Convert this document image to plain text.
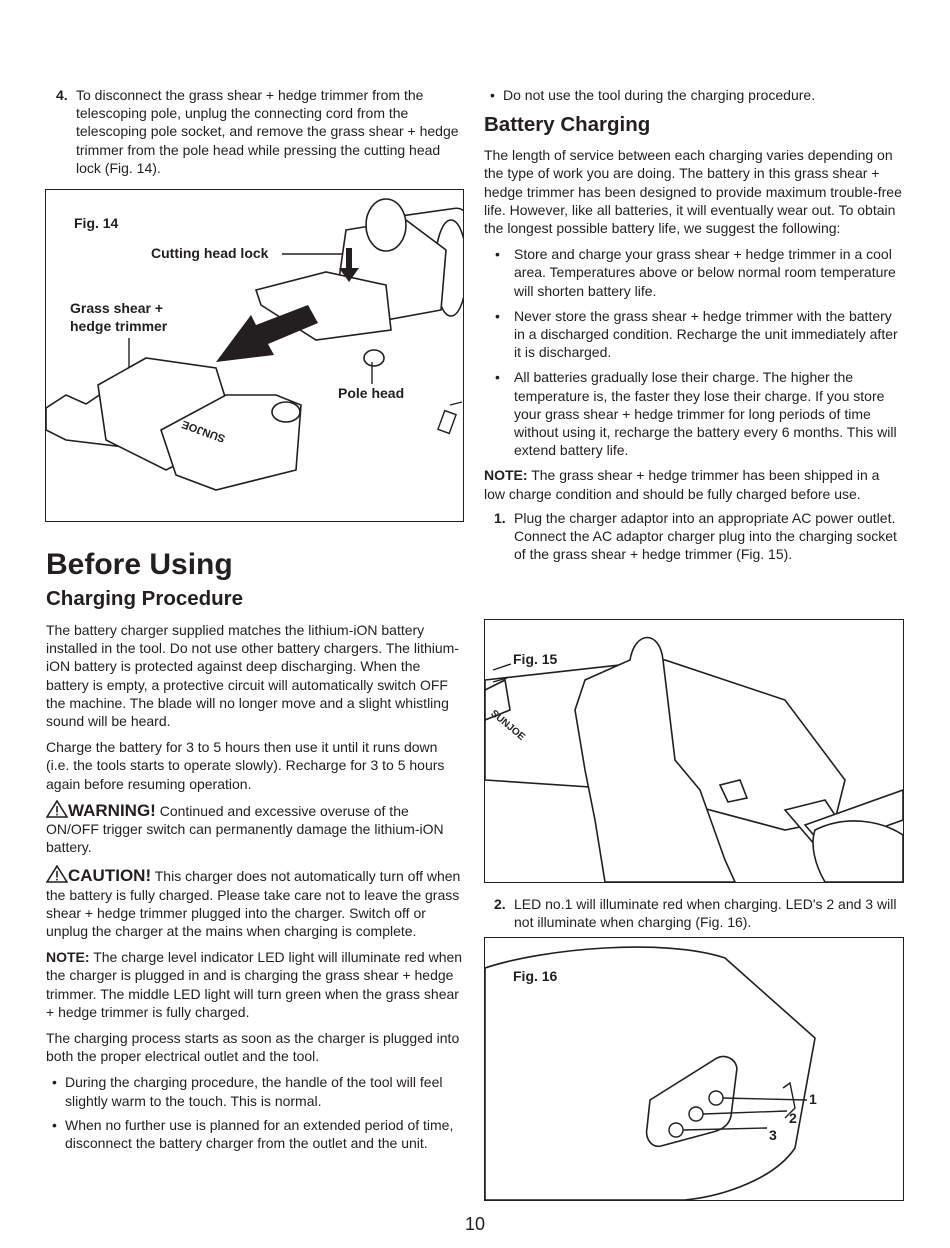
4. To disconnect the grass shear + hedge trimmer from the telescoping pole, unplug the connecting cord from the telescoping pole socket, and remove the grass shear + hedge trimmer from the pole head while pressing the cutting head lock (Fig. 14).
Fig. 14
Cutting head lock
Grass shear +
hedge trimmer
Pole head
SUNJOE
Before Using
Charging Procedure

The battery charger supplied matches the lithium-iON battery installed in the tool. Do not use other battery chargers. The lithium-iON battery is protected against deep discharging. When the battery is empty, a protective circuit will automatically switch OFF the machine. The blade will no longer move and a slight whistling sound will be heard.

Charge the battery for 3 to 5 hours then use it until it runs down (i.e. the tools starts to operate slowly). Recharge for 3 to 5 hours again before resuming operation.

WARNING! Continued and excessive overuse of the ON/OFF trigger switch can permanently damage the lithium-iON battery.

CAUTION! This charger does not automatically turn off when the battery is fully charged. Please take care not to leave the grass shear + hedge trimmer plugged into the charger. Switch off or unplug the charger at the mains when charging is complete.

NOTE: The charge level indicator LED light will illuminate red when the charger is plugged in and is charging the grass shear + hedge trimmer. The middle LED light will turn green when the grass shear + hedge trimmer is fully charged.

The charging process starts as soon as the charger is plugged into both the proper electrical outlet and the tool.

• During the charging procedure, the handle of the tool will feel slightly warm to the touch. This is normal.
• When no further use is planned for an extended period of time, disconnect the battery charger from the outlet and the unit.
• Do not use the tool during the charging procedure.
Battery Charging

The length of service between each charging varies depending on the type of work you are doing. The battery in this grass shear + hedge trimmer has been designed to provide maximum trouble-free life. However, like all batteries, it will eventually wear out. To obtain the longest possible battery life, we suggest the following:

• Store and charge your grass shear + hedge trimmer in a cool area. Temperatures above or below normal room temperature will shorten battery life.
• Never store the grass shear + hedge trimmer with the battery in a discharged condition. Recharge the unit immediately after it is discharged.
• All batteries gradually lose their charge. The higher the temperature is, the faster they lose their charge. If you store your grass shear + hedge trimmer for long periods of time without using it, recharge the battery every 6 months. This will extend battery life.

NOTE: The grass shear + hedge trimmer has been shipped in a low charge condition and should be fully charged before use.

1. Plug the charger adaptor into an appropriate AC power outlet. Connect the AC adaptor charger plug into the charging socket of the grass shear + hedge trimmer (Fig. 15).
Fig. 15
SUNJOE
2. LED no.1 will illuminate red when charging. LED's 2 and 3 will not illuminate when charging (Fig. 16).
Fig. 16
1
2
3
10
